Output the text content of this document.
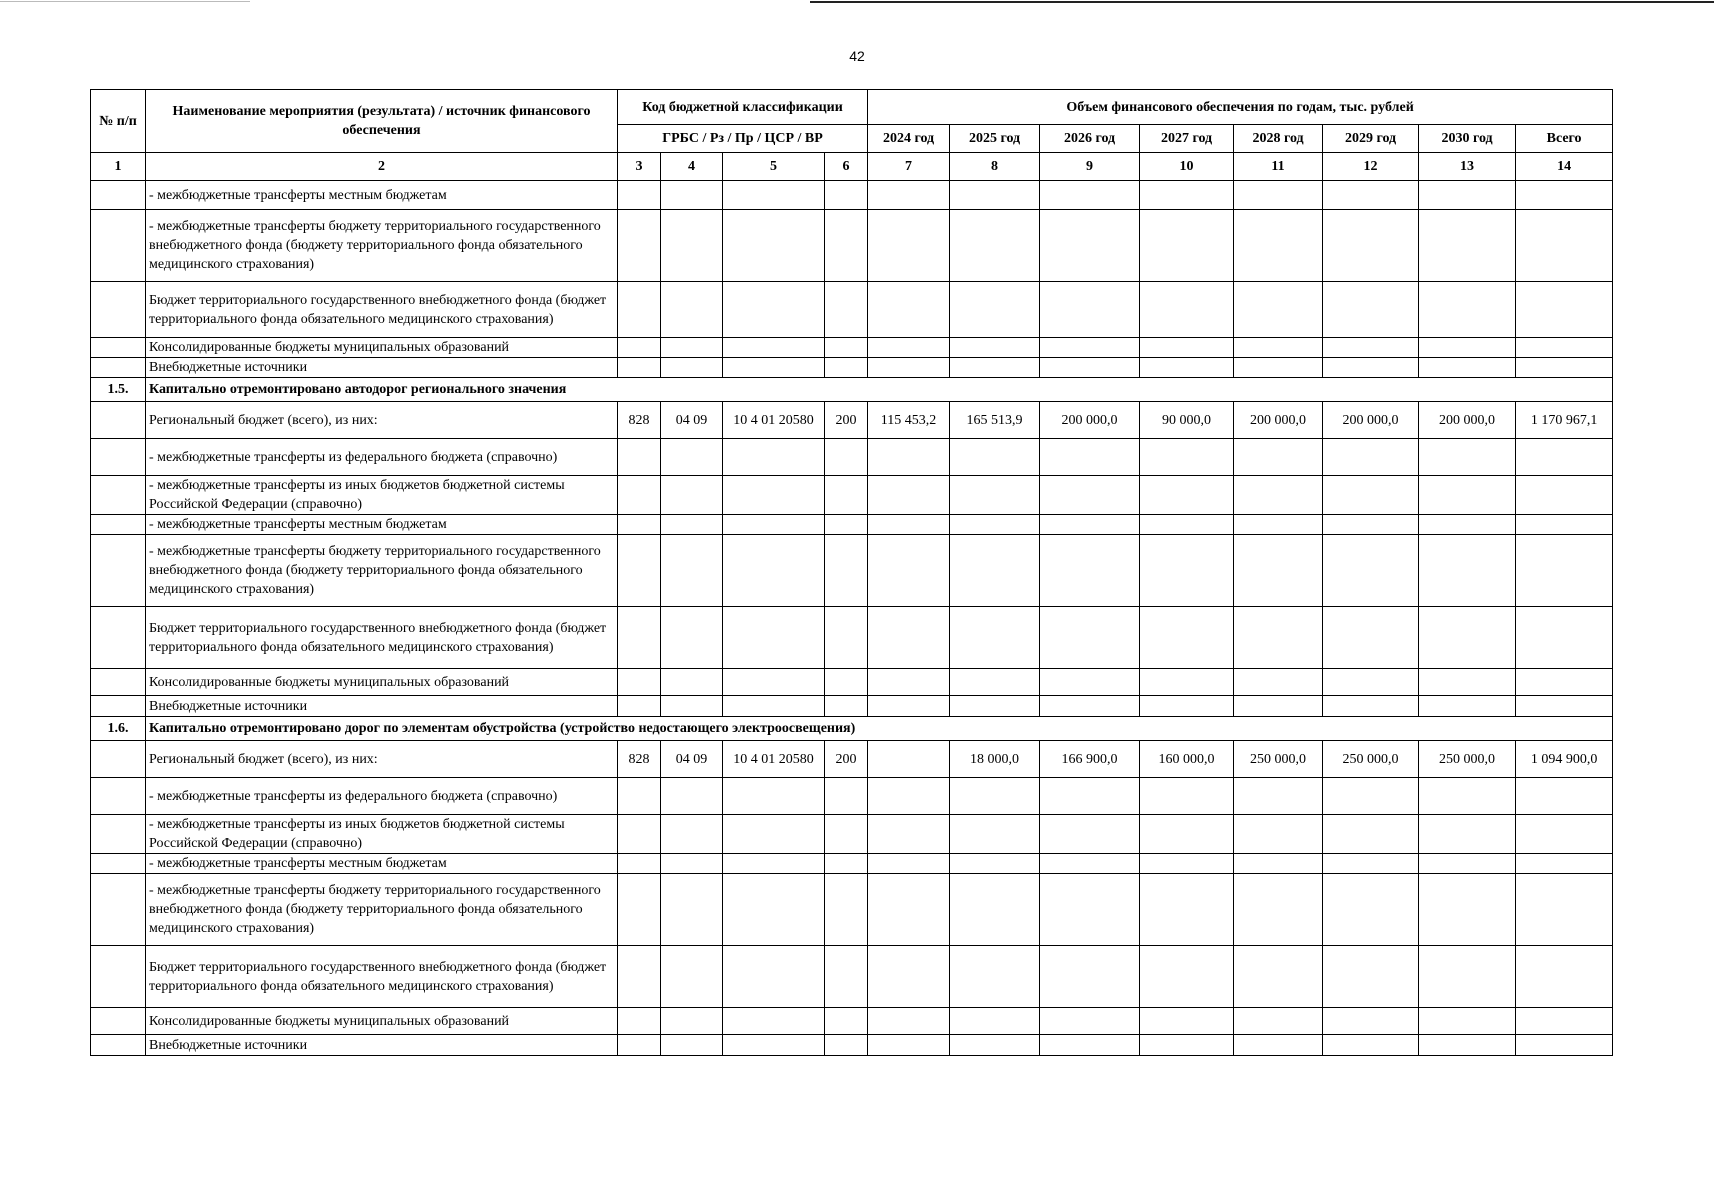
42
№ п/п	Наименование мероприятия (результата) / источник финансового обеспечения	Код бюджетной классификации				Объем финансового обеспечения по годам, тыс. рублей							
		ГРБС / Рз / Пр / ЦСР / ВР				2024 год	2025 год	2026 год	2027 год	2028 год	2029 год	2030 год	Всего
1	2	3	4	5	6	7	8	9	10	11	12	13	14
	- межбюджетные трансферты местным бюджетам												
	- межбюджетные трансферты бюджету территориального государственного внебюджетного фонда (бюджету территориального фонда обязательного медицинского страхования)												
	Бюджет территориального государственного внебюджетного фонда (бюджет территориального фонда обязательного медицинского страхования)												
	Консолидированные бюджеты муниципальных образований												
	Внебюджетные источники												
1.5.	Капитально отремонтировано автодорог регионального значения												
	Региональный бюджет (всего), из них:	828	04 09	10 4 01 20580	200	115 453,2	165 513,9	200 000,0	90 000,0	200 000,0	200 000,0	200 000,0	1 170 967,1
	- межбюджетные трансферты из федерального бюджета (справочно)												
	- межбюджетные трансферты из иных бюджетов бюджетной системы Российской Федерации (справочно)												
	- межбюджетные трансферты местным бюджетам												
	- межбюджетные трансферты бюджету территориального государственного внебюджетного фонда (бюджету территориального фонда обязательного медицинского страхования)												
	Бюджет территориального государственного внебюджетного фонда (бюджет территориального фонда обязательного медицинского страхования)												
	Консолидированные бюджеты муниципальных образований												
	Внебюджетные источники												
1.6.	Капитально отремонтировано дорог по элементам обустройства (устройство недостающего электроосвещения)												
	Региональный бюджет (всего), из них:	828	04 09	10 4 01 20580	200		18 000,0	166 900,0	160 000,0	250 000,0	250 000,0	250 000,0	1 094 900,0
	- межбюджетные трансферты из федерального бюджета (справочно)												
	- межбюджетные трансферты из иных бюджетов бюджетной системы Российской Федерации (справочно)												
	- межбюджетные трансферты местным бюджетам												
	- межбюджетные трансферты бюджету территориального государственного внебюджетного фонда (бюджету территориального фонда обязательного медицинского страхования)												
	Бюджет территориального государственного внебюджетного фонда (бюджет территориального фонда обязательного медицинского страхования)												
	Консолидированные бюджеты муниципальных образований												
	Внебюджетные источники												
